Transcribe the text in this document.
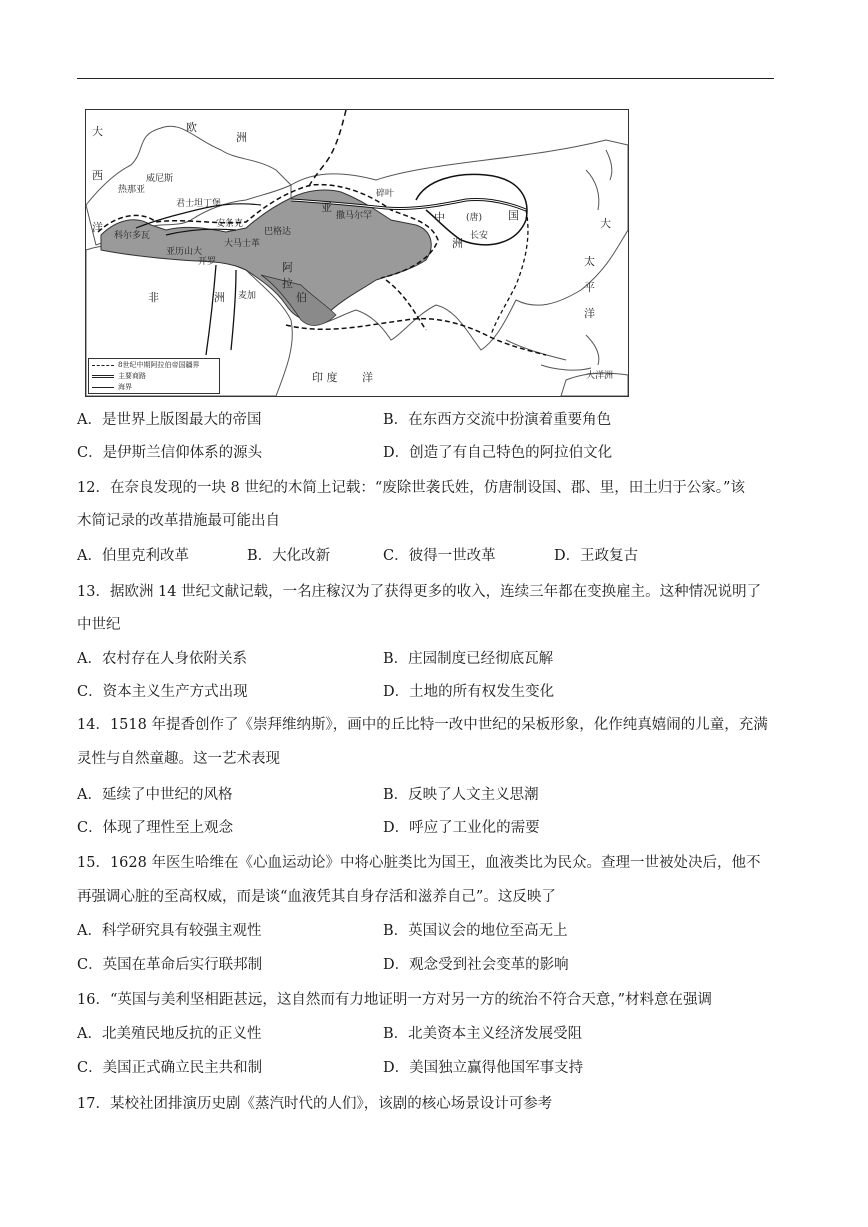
大	欧
洲
西
洋
威尼斯
热那亚
君士坦丁堡
科尔多瓦
亚历山大
安条克
大马士革
巴格达
开罗
亚
碎叶
撒马尔罕	中	国
(唐)
洲
长安
非	洲
阿
拉
伯
麦加
印 度 洋
大
太
平
洋
大洋洲
8世纪中期阿拉伯帝国疆界
主要商路
海界
A．是世界上版图最大的帝国	B．在东西方交流中扮演着重要角色
C．是伊斯兰信仰体系的源头	D．创造了有自己特色的阿拉伯文化
12．在奈良发现的一块 8 世纪的木简上记载：“废除世袭氏姓，仿唐制设国、郡、里，田土归于公家。”该
木简记录的改革措施最可能出自
A．伯里克利改革	B．大化改新	C．彼得一世改革	D．王政复古
13．据欧洲 14 世纪文献记载，一名庄稼汉为了获得更多的收入，连续三年都在变换雇主。这种情况说明了
中世纪
A．农村存在人身依附关系	B．庄园制度已经彻底瓦解
C．资本主义生产方式出现	D．土地的所有权发生变化
14．1518 年提香创作了《崇拜维纳斯》，画中的丘比特一改中世纪的呆板形象，化作纯真嬉闹的儿童，充满
灵性与自然童趣。这一艺术表现
A．延续了中世纪的风格	B．反映了人文主义思潮
C．体现了理性至上观念	D．呼应了工业化的需要
15．1628 年医生哈维在《心血运动论》中将心脏类比为国王，血液类比为民众。查理一世被处决后，他不
再强调心脏的至高权威，而是谈“血液凭其自身存活和滋养自己”。这反映了
A．科学研究具有较强主观性	B．英国议会的地位至高无上
C．英国在革命后实行联邦制	D．观念受到社会变革的影响
16．“英国与美利坚相距甚远，这自然而有力地证明一方对另一方的统治不符合天意，”材料意在强调
A．北美殖民地反抗的正义性	B．北美资本主义经济发展受阻
C．美国正式确立民主共和制	D．美国独立赢得他国军事支持
17．某校社团排演历史剧《蒸汽时代的人们》，该剧的核心场景设计可参考
